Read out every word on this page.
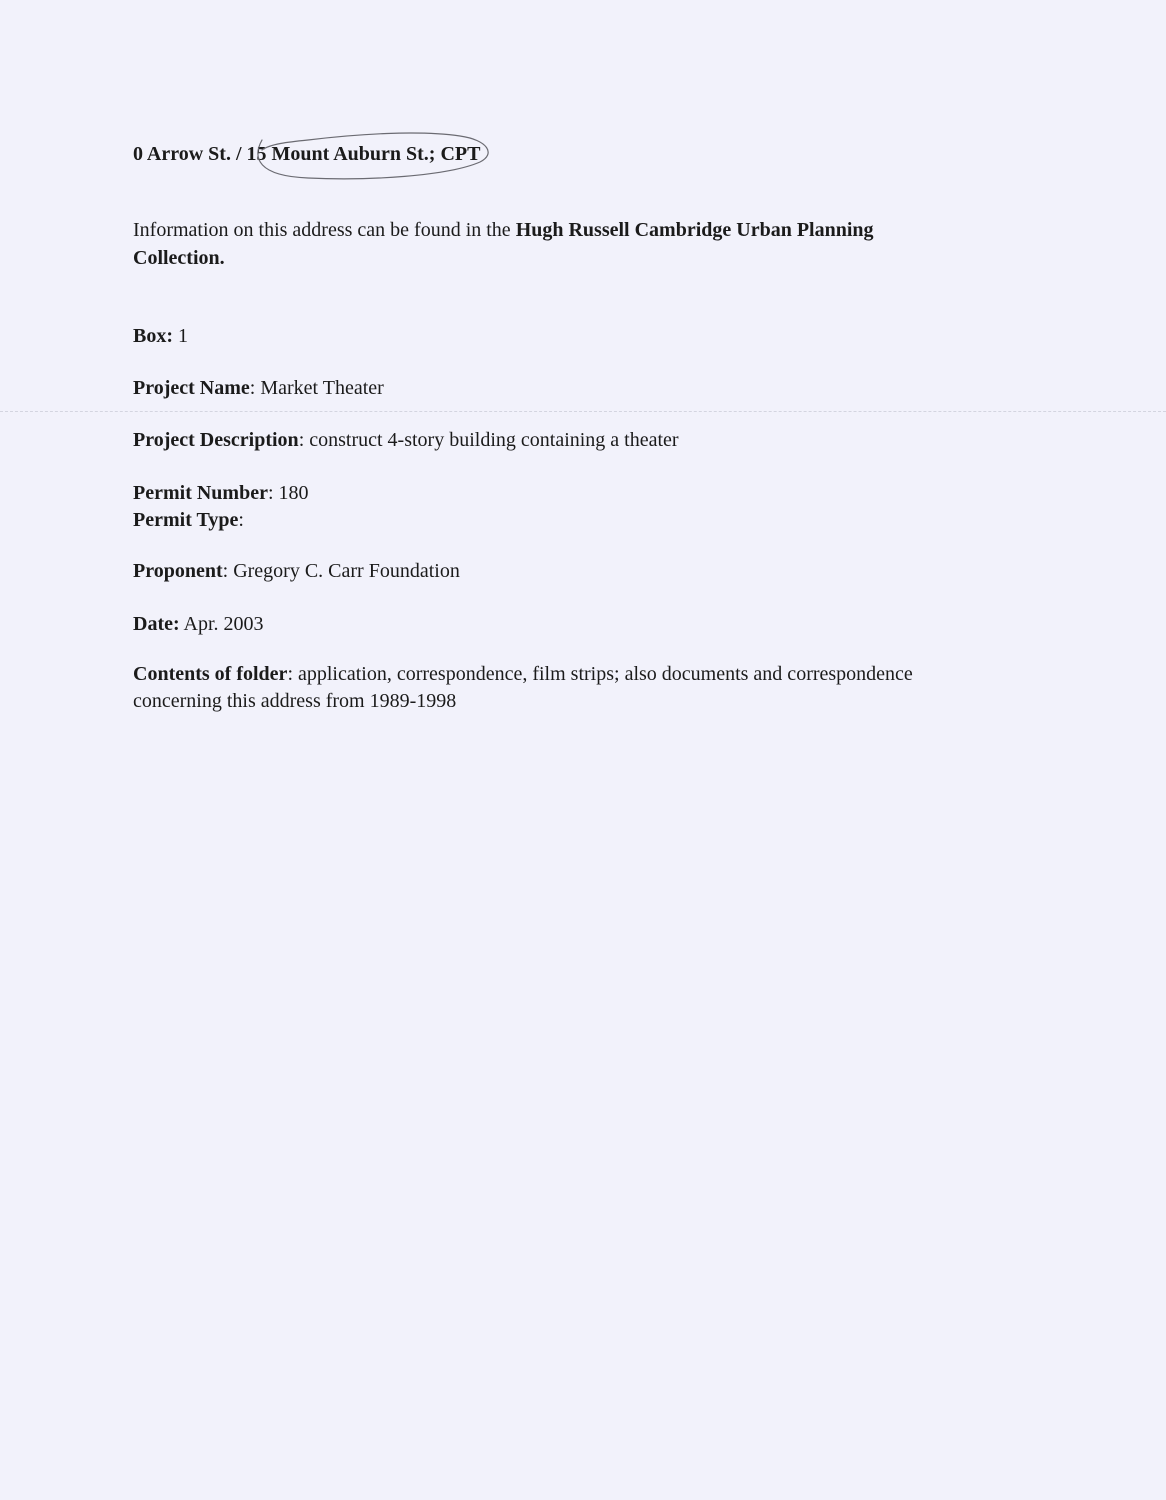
0 Arrow St. / 15 Mount Auburn St.; CPT
Information on this address can be found in the Hugh Russell Cambridge Urban Planning
Collection.
Box: 1
Project Name: Market Theater
Project Description: construct 4-story building containing a theater
Permit Number: 180
Permit Type:
Proponent: Gregory C. Carr Foundation
Date: Apr. 2003
Contents of folder: application, correspondence, film strips; also documents and correspondence
concerning this address from 1989-1998
